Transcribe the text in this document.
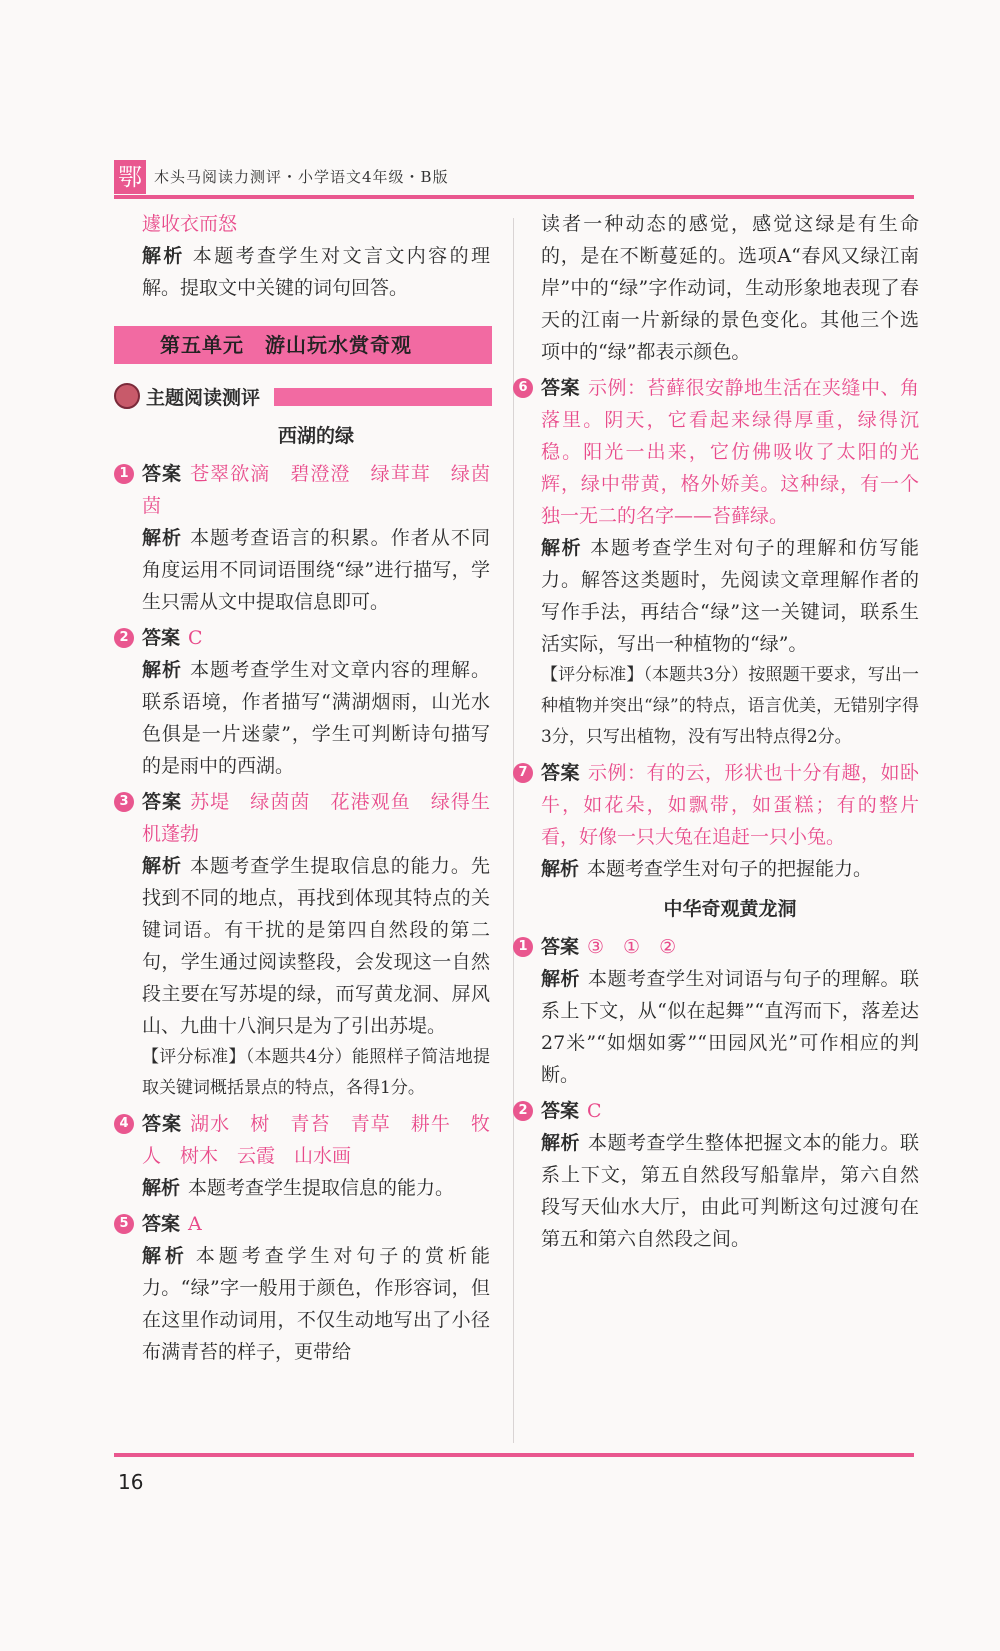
鄂 木头马阅读力测评・小学语文4年级・B版

遽收衣而怒

解析 本题考查学生对文言文内容的理解。提取文中关键的词句回答。

第五单元　游山玩水赏奇观
主题阅读测评
西湖的绿
1 答案 苍翠欲滴　碧澄澄　绿茸茸　绿茵茵

解析 本题考查语言的积累。作者从不同角度运用不同词语围绕“绿”进行描写，学生只需从文中提取信息即可。

2 答案 C

解析 本题考查学生对文章内容的理解。联系语境，作者描写“满湖烟雨，山光水色俱是一片迷蒙”，学生可判断诗句描写的是雨中的西湖。

3 答案 苏堤　绿茵茵　花港观鱼　绿得生机蓬勃

解析 本题考查学生提取信息的能力。先找到不同的地点，再找到体现其特点的关键词语。有干扰的是第四自然段的第二句，学生通过阅读整段，会发现这一自然段主要在写苏堤的绿，而写黄龙洞、屏风山、九曲十八涧只是为了引出苏堤。

【评分标准】（本题共4分）能照样子简洁地提取关键词概括景点的特点，各得1分。

4 答案 湖水　树　青苔　青草　耕牛　牧人　树木　云霞　山水画

解析 本题考查学生提取信息的能力。

5 答案 A

解析 本题考查学生对句子的赏析能力。“绿”字一般用于颜色，作形容词，但在这里作动词用，不仅生动地写出了小径布满青苔的样子，更带给

读者一种动态的感觉，感觉这绿是有生命的，是在不断蔓延的。选项A“春风又绿江南岸”中的“绿”字作动词，生动形象地表现了春天的江南一片新绿的景色变化。其他三个选项中的“绿”都表示颜色。

6 答案 示例：苔藓很安静地生活在夹缝中、角落里。阴天，它看起来绿得厚重，绿得沉稳。阳光一出来，它仿佛吸收了太阳的光辉，绿中带黄，格外娇美。这种绿，有一个独一无二的名字——苔藓绿。

解析 本题考查学生对句子的理解和仿写能力。解答这类题时，先阅读文章理解作者的写作手法，再结合“绿”这一关键词，联系生活实际，写出一种植物的“绿”。

【评分标准】（本题共3分）按照题干要求，写出一种植物并突出“绿”的特点，语言优美，无错别字得3分，只写出植物，没有写出特点得2分。

7 答案 示例：有的云，形状也十分有趣，如卧牛，如花朵，如飘带，如蛋糕；有的整片看，好像一只大兔在追赶一只小兔。

解析 本题考查学生对句子的把握能力。

中华奇观黄龙洞
1 答案 ③　①　②

解析 本题考查学生对词语与句子的理解。联系上下文，从“似在起舞”“直泻而下，落差达27米”“如烟如雾”“田园风光”可作相应的判断。

2 答案 C

解析 本题考查学生整体把握文本的能力。联系上下文，第五自然段写船靠岸，第六自然段写天仙水大厅，由此可判断这句过渡句在第五和第六自然段之间。

16
